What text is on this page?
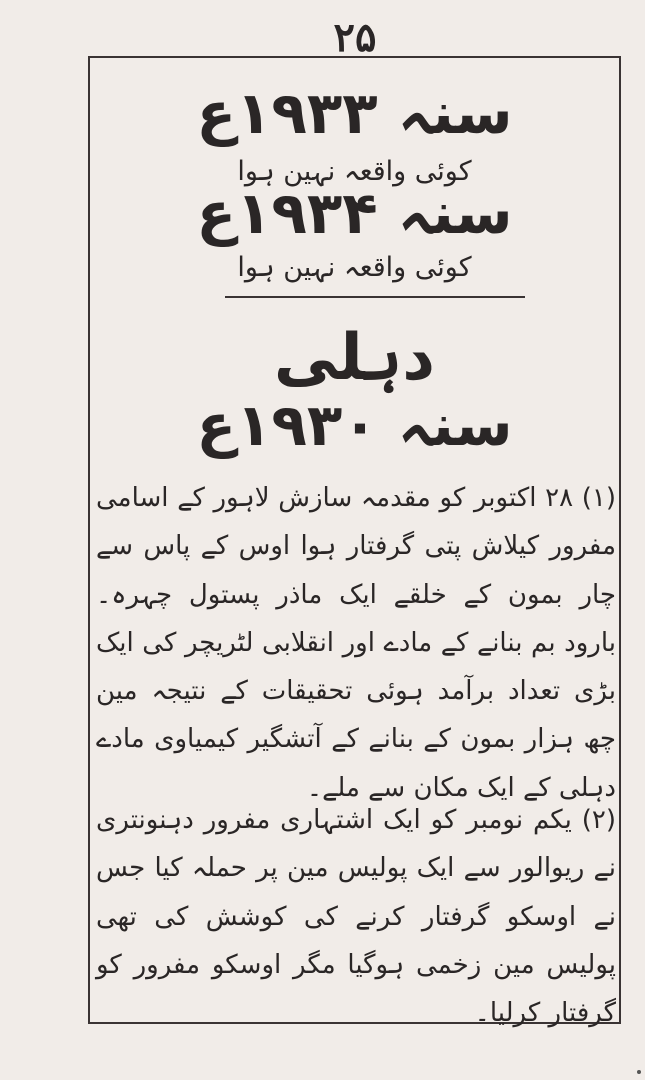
۲۵
سنہ ۱۹۳۳ع
کوئی واقعہ نہین ہوا
سنہ ۱۹۳۴ع
کوئی واقعہ نہین ہوا
دہلی
سنہ ۱۹۳۰ع
(۱) ۲۸ اکتوبر کو مقدمہ سازش لاہور کے اسامی مفرور کیلاش پتی گرفتار ہوا اوس کے پاس سے چار بمون کے خلقے ایک ماذر پستول چہرہ۔ بارود بم بنانے کے مادے اور انقلابی لٹریچر کی ایک بڑی تعداد برآمد ہوئی تحقیقات کے نتیجہ مین چھ ہزار بمون کے بنانے کے آتشگیر کیمیاوی مادے دہلی کے ایک مکان سے ملے۔
(۲) یکم نومبر کو ایک اشتہاری مفرور دہنونتری نے ریوالور سے ایک پولیس مین پر حملہ کیا جس نے اوسکو گرفتار کرنے کی کوشش کی تھی پولیس مین زخمی ہوگیا مگر اوسکو مفرور کو گرفتار کرلیا۔
